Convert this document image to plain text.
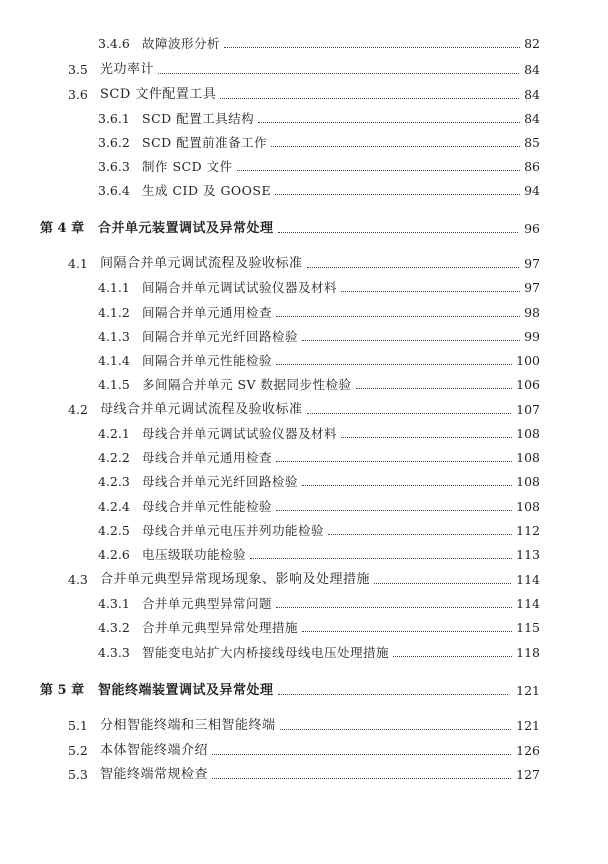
3.4.6 故障波形分析	82
3.5 光功率计	84
3.6 SCD 文件配置工具	84
3.6.1 SCD 配置工具结构	84
3.6.2 SCD 配置前准备工作	85
3.6.3 制作 SCD 文件	86
3.6.4 生成 CID 及 GOOSE	94
第 4 章 合并单元装置调试及异常处理	96
4.1 间隔合并单元调试流程及验收标准	97
4.1.1 间隔合并单元调试试验仪器及材料	97
4.1.2 间隔合并单元通用检查	98
4.1.3 间隔合并单元光纤回路检验	99
4.1.4 间隔合并单元性能检验	100
4.1.5 多间隔合并单元 SV 数据同步性检验	106
4.2 母线合并单元调试流程及验收标准	107
4.2.1 母线合并单元调试试验仪器及材料	108
4.2.2 母线合并单元通用检查	108
4.2.3 母线合并单元光纤回路检验	108
4.2.4 母线合并单元性能检验	108
4.2.5 母线合并单元电压并列功能检验	112
4.2.6 电压级联功能检验	113
4.3 合并单元典型异常现场现象、影响及处理措施	114
4.3.1 合并单元典型异常问题	114
4.3.2 合并单元典型异常处理措施	115
4.3.3 智能变电站扩大内桥接线母线电压处理措施	118
第 5 章 智能终端装置调试及异常处理	121
5.1 分相智能终端和三相智能终端	121
5.2 本体智能终端介绍	126
5.3 智能终端常规检查	127
